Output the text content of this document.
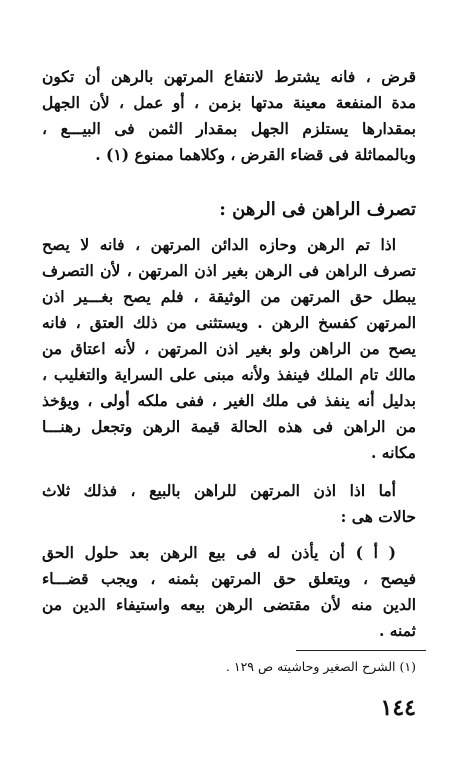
قرض ، فانه يشترط لانتفاع المرتهن بالرهن أن تكون
مدة المنفعة معينة مدتها بزمن ، أو عمل ، لأن الجهل
بمقدارها يستلزم الجهل بمقدار الثمن فى البيـــع ،
وبالمماثلة فى قضاء القرض ، وكلاهما ممنوع (١) .
تصرف الراهن فى الرهن :
اذا تم الرهن وحازه الدائن المرتهن ، فانه لا يصح
تصرف الراهن فى الرهن بغير اذن المرتهن ، لأن التصرف
يبطل حق المرتهن من الوثيقة ، فلم يصح بغـــير اذن
المرتهن كفسخ الرهن . ويستثنى من ذلك العتق ، فانه
يصح من الراهن ولو بغير اذن المرتهن ، لأنه اعتاق من
مالك تام الملك فينفذ ولأنه مبنى على السراية والتغليب ،
بدليل أنه ينفذ فى ملك الغير ، ففى ملكه أولى ، ويؤخذ
من الراهن فى هذه الحالة قيمة الرهن وتجعل رهنـــا
مكانه .
أما اذا اذن المرتهن للراهن بالبيع ، فذلك ثلاث
حالات هى :
( أ ) أن يأذن له فى بيع الرهن بعد حلول الحق
فيصح ، ويتعلق حق المرتهن بثمنه ، ويجب قضـــاء
الدين منه لأن مقتضى الرهن بيعه واستيفاء الدين من
ثمنه .
(١) الشرح الصغير وحاشيته ص ١٢٩ .
١٤٤
